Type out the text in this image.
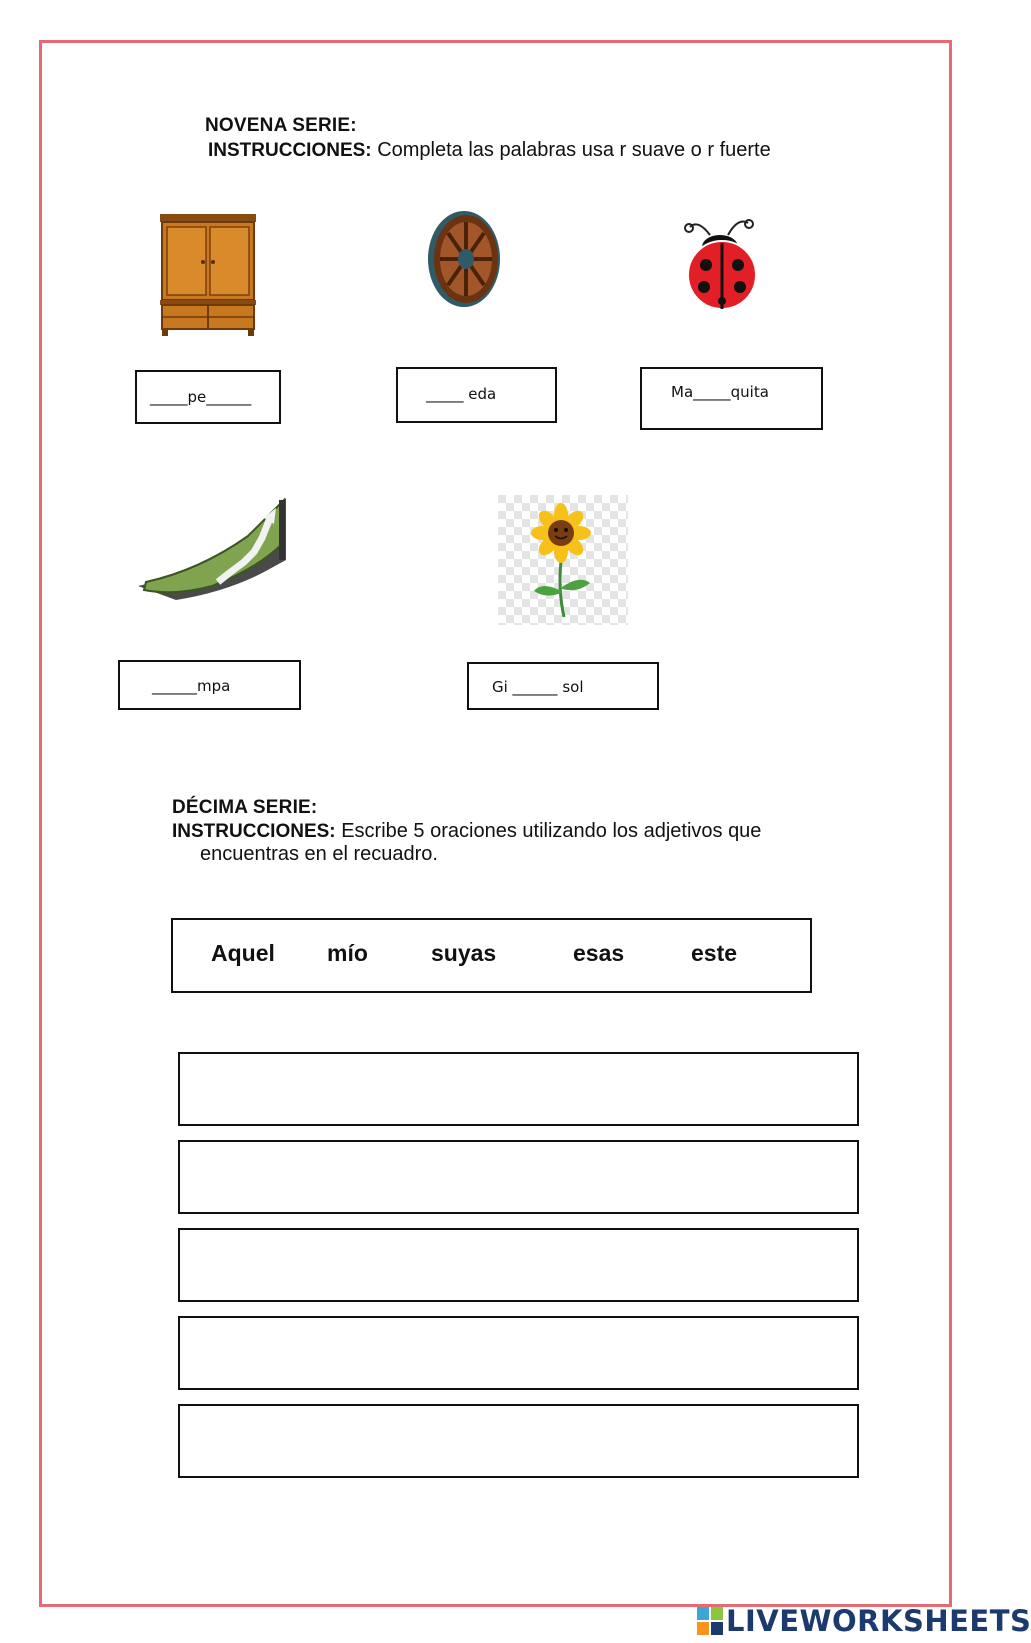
NOVENA SERIE:
INSTRUCCIONES: Completa las palabras usa r suave o r fuerte
_____pe______	_____ eda	Ma_____quita
______mpa	Gi ______ sol
DÉCIMA SERIE:
INSTRUCCIONES: Escribe 5 oraciones utilizando los adjetivos que
encuentras en el recuadro.
Aquel mío	suyas	esas	este
LIVEWORKSHEETS
